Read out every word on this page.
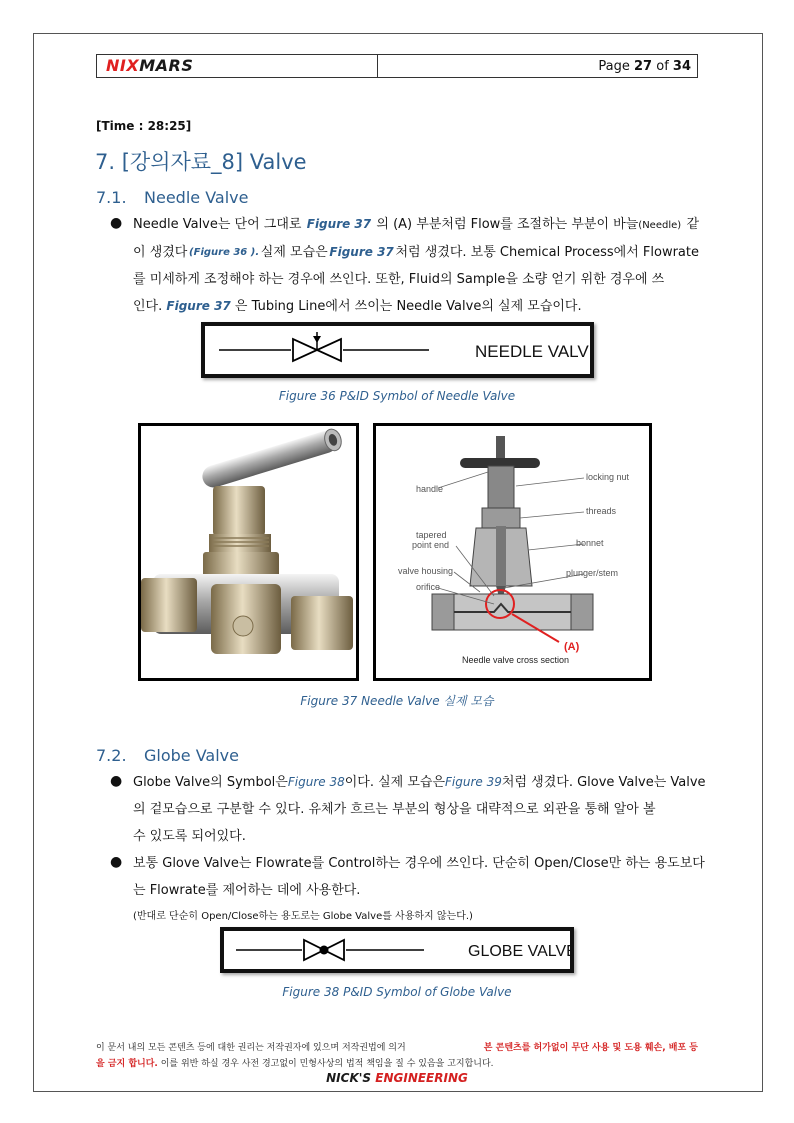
NIXMARS	Page 27 of 34
[Time : 28:25]
7. [강의자료_8] Valve
7.1. Needle Valve
● Needle Valve는 단어 그대로 Figure 37 의 (A) 부분처럼 Flow를 조절하는 부분이 바늘(Needle) 같
이 생겼다 (Figure 36 ). 실제 모습은 Figure 37 처럼 생겼다. 보통 Chemical Process에서 Flowrate
를 미세하게 조정해야 하는 경우에 쓰인다. 또한, Fluid의 Sample을 소량 얻기 위한 경우에 쓰
인다. Figure 37 은 Tubing Line에서 쓰이는 Needle Valve의 실제 모습이다.
NEEDLE VALVE
Figure 36 P&ID Symbol of Needle Valve
handle
locking nut
threads
tapered
point end	bonnet
valve housing	plunger/stem
orifice
(A)
Needle valve cross section
Figure 37 Needle Valve 실제 모습
7.2. Globe Valve
● Globe Valve의 Symbol은 Figure 38 이다. 실제 모습은 Figure 39 처럼 생겼다. Glove Valve는 Valve
의 겉모습으로 구분할 수 있다. 유체가 흐르는 부분의 형상을 대략적으로 외관을 통해 알아 볼
수 있도록 되어있다.
● 보통 Glove Valve는 Flowrate를 Control하는 경우에 쓰인다. 단순히 Open/Close만 하는 용도보다
는 Flowrate를 제어하는 데에 사용한다.
(반대로 단순히 Open/Close하는 용도로는 Globe Valve를 사용하지 않는다.)
GLOBE VALVE
Figure 38 P&ID Symbol of Globe Valve
이 문서 내의 모든 콘텐츠 등에 대한 권리는 저작권자에 있으며 저작권법에 의거	본 콘텐츠를 허가없이 무단 사용 및 도용 훼손, 배포 등
을 금지 합니다. 이를 위반 하실 경우 사전 경고없이 민형사상의 법적 책임을 질 수 있음을 고지합니다.
NICK'S ENGINEERING
